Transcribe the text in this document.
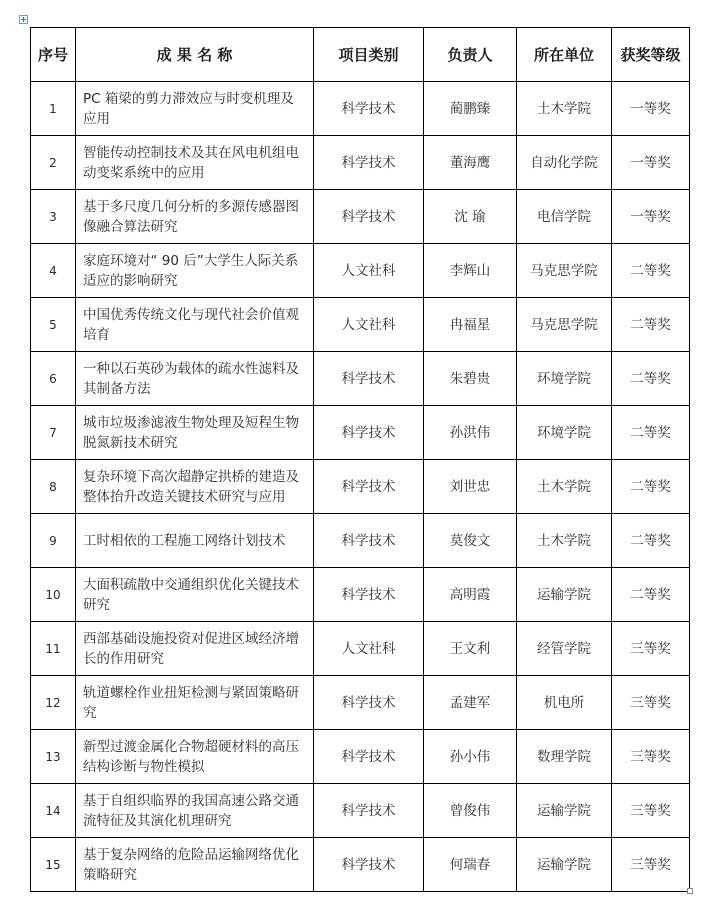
序号	成 果 名 称	项目类别	负责人	所在单位	获奖等级
1	PC 箱梁的剪力滞效应与时变机理及应用	科学技术	蔺鹏臻	土木学院	一等奖
2	智能传动控制技术及其在风电机组电动变桨系统中的应用	科学技术	董海鹰	自动化学院	一等奖
3	基于多尺度几何分析的多源传感器图像融合算法研究	科学技术	沈 瑜	电信学院	一等奖
4	家庭环境对“ 90 后”大学生人际关系适应的影响研究	人文社科	李辉山	马克思学院	二等奖
5	中国优秀传统文化与现代社会价值观培育	人文社科	冉福星	马克思学院	二等奖
6	一种以石英砂为载体的疏水性滤料及其制备方法	科学技术	朱碧贵	环境学院	二等奖
7	城市垃圾渗滤液生物处理及短程生物脱氮新技术研究	科学技术	孙洪伟	环境学院	二等奖
8	复杂环境下高次超静定拱桥的建造及整体抬升改造关键技术研究与应用	科学技术	刘世忠	土木学院	二等奖
9	工时相依的工程施工网络计划技术	科学技术	莫俊文	土木学院	二等奖
10	大面积疏散中交通组织优化关键技术研究	科学技术	高明霞	运输学院	二等奖
11	西部基础设施投资对促进区域经济增长的作用研究	人文社科	王文利	经管学院	三等奖
12	轨道螺栓作业扭矩检测与紧固策略研究	科学技术	孟建军	机电所	三等奖
13	新型过渡金属化合物超硬材料的高压结构诊断与物性模拟	科学技术	孙小伟	数理学院	三等奖
14	基于自组织临界的我国高速公路交通流特征及其演化机理研究	科学技术	曾俊伟	运输学院	三等奖
15	基于复杂网络的危险品运输网络优化策略研究	科学技术	何瑞春	运输学院	三等奖
